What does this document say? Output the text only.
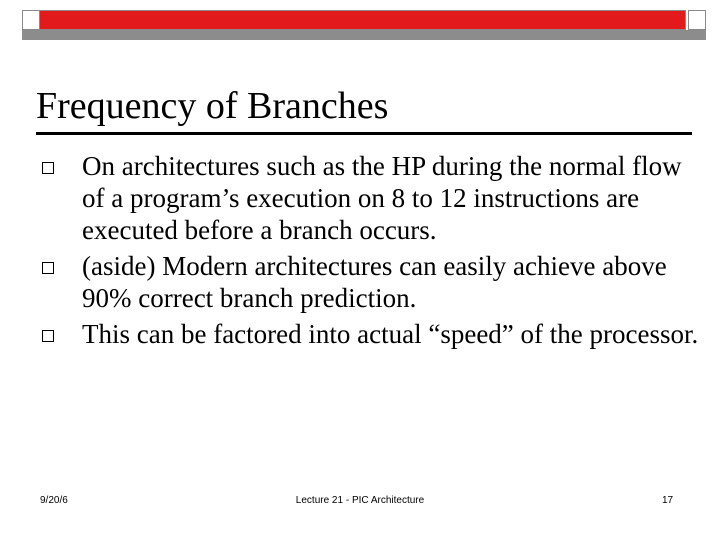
Frequency of Branches
On architectures such as the HP during the normal flow of a program’s execution on 8 to 12 instructions are executed before a branch occurs.
(aside) Modern architectures can easily achieve above 90% correct branch prediction.
This can be factored into actual “speed” of the processor.
9/20/6	Lecture 21 - PIC Architecture	17
